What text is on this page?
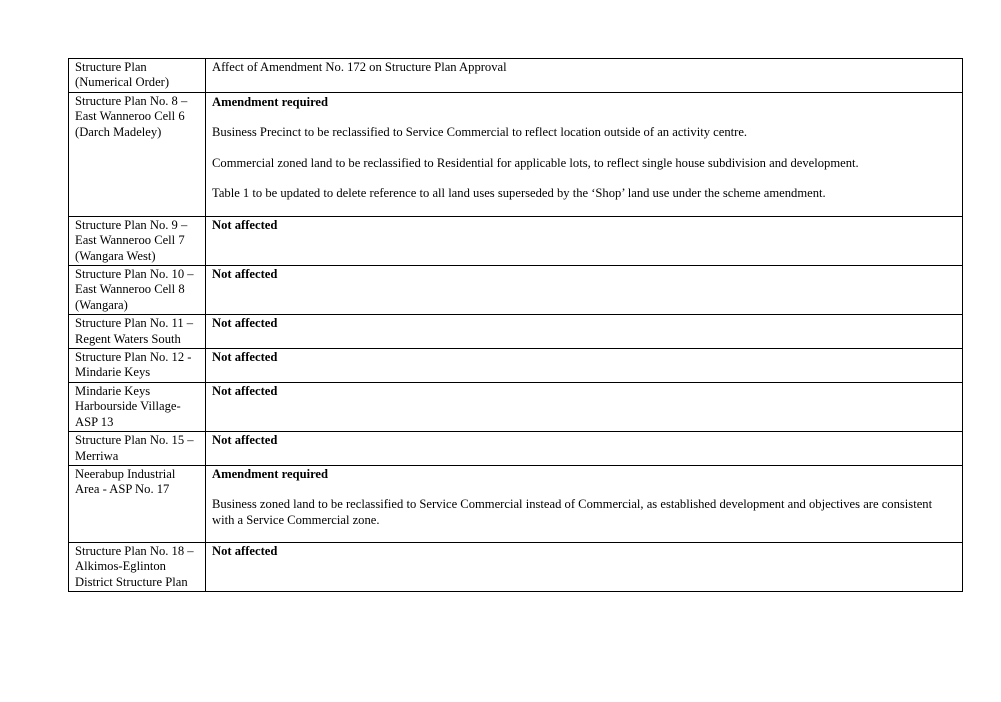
Structure Plan (Numerical Order)	Affect of Amendment No. 172 on Structure Plan Approval
Structure Plan No. 8 – East Wanneroo Cell 6 (Darch Madeley)	Amendment required
Business Precinct to be reclassified to Service Commercial to reflect location outside of an activity centre.
Commercial zoned land to be reclassified to Residential for applicable lots, to reflect single house subdivision and development.
Table 1 to be updated to delete reference to all land uses superseded by the ‘Shop’ land use under the scheme amendment.

Structure Plan No. 9 – East Wanneroo Cell 7 (Wangara West)	Not affected

Structure Plan No. 10 – East Wanneroo Cell 8 (Wangara)	Not affected

Structure Plan No. 11 – Regent Waters South	Not affected

Structure Plan No. 12 - Mindarie Keys	Not affected

Mindarie Keys Harbourside Village- ASP 13	Not affected

Structure Plan No. 15 – Merriwa	Not affected

Neerabup Industrial Area - ASP No. 17	Amendment required
Business zoned land to be reclassified to Service Commercial instead of Commercial, as established development and objectives are consistent with a Service Commercial zone.

Structure Plan No. 18 – Alkimos-Eglinton District Structure Plan	Not affected
